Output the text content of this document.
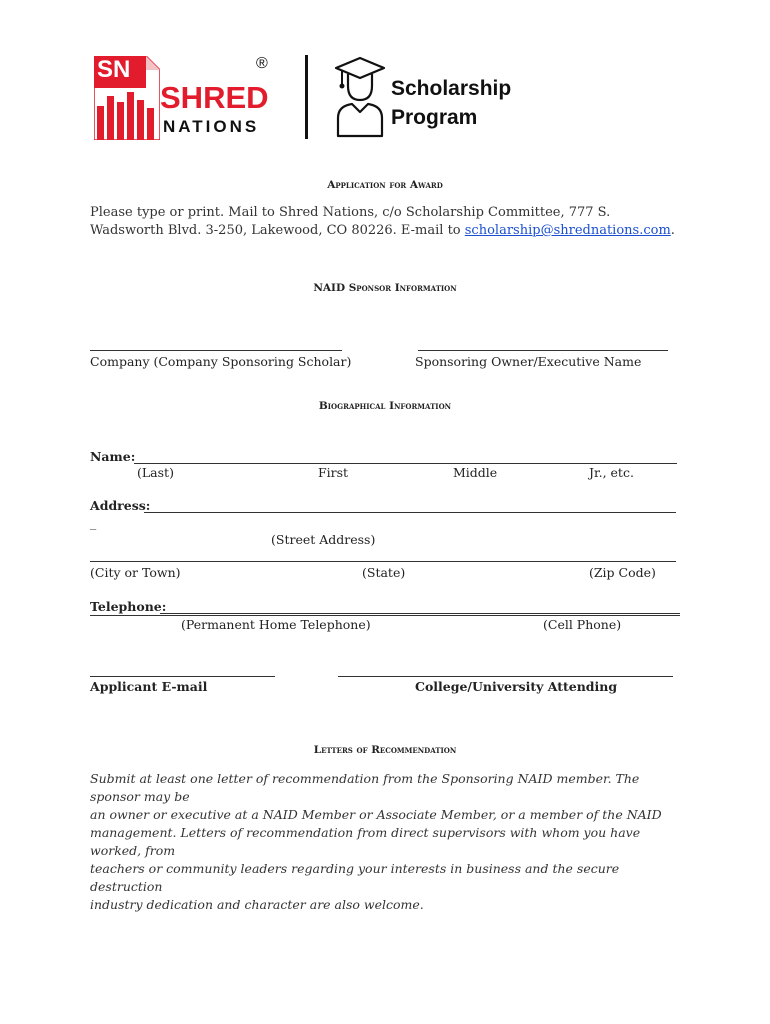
SN
SHRED
NATIONS
®
Scholarship
Program
Application for Award
Please type or print. Mail to Shred Nations, c/o Scholarship Committee, 777 S. Wadsworth Blvd. 3-250, Lakewood, CO 80226. E-mail to scholarship@shrednations.com.
NAID Sponsor Information
Company (Company Sponsoring Scholar)	Sponsoring Owner/Executive Name
Biographical Information
Name:
(Last)	First	Middle	Jr., etc.
Address:
_
(Street Address)
(City or Town)	(State)	(Zip Code)
Telephone:
(Permanent Home Telephone)	(Cell Phone)
Applicant E-mail	College/University Attending
Letters of Recommendation
Submit at least one letter of recommendation from the Sponsoring NAID member. The sponsor may be
an owner or executive at a NAID Member or Associate Member, or a member of the NAID
management. Letters of recommendation from direct supervisors with whom you have worked, from
teachers or community leaders regarding your interests in business and the secure destruction
industry dedication and character are also welcome.
